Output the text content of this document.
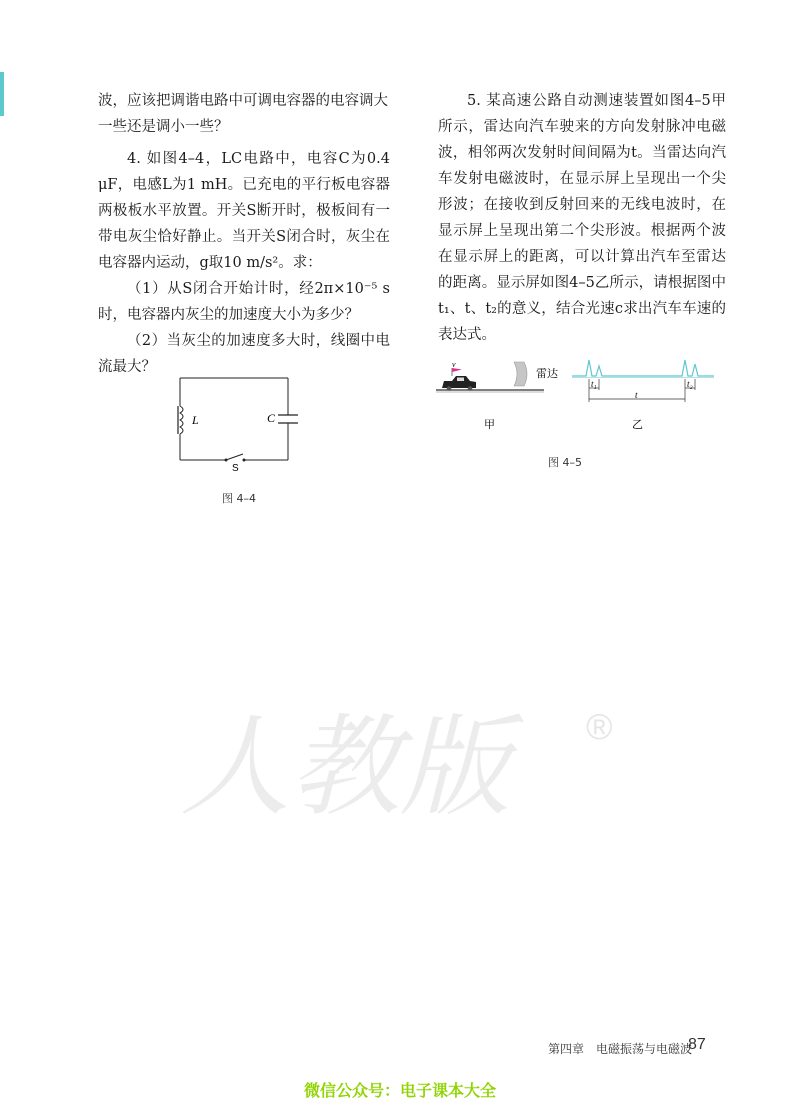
波，应该把调谐电路中可调电容器的电容调大

一些还是调小一些？

4. 如图4–4，LC电路中，电容C为0.4 μF，电感L为1 mH。已充电的平行板电容器两极板水平放置。开关S断开时，极板间有一带电灰尘恰好静止。当开关S闭合时，灰尘在电容器内运动，g取10 m/s²。求：

（1）从S闭合开始计时，经2π×10⁻⁵ s时，电容器内灰尘的加速度大小为多少？

（2）当灰尘的加速度多大时，线圈中电流最大？

L	C
S
图 4–4

5. 某高速公路自动测速装置如图4–5甲所示，雷达向汽车驶来的方向发射脉冲电磁波，相邻两次发射时间间隔为t。当雷达向汽车发射电磁波时，在显示屏上呈现出一个尖形波；在接收到反射回来的无线电波时，在显示屏上呈现出第二个尖形波。根据两个波在显示屏上的距离，可以计算出汽车至雷达的距离。显示屏如图4–5乙所示，请根据图中t₁、t、t₂的意义，结合光速c求出汽车车速的表达式。

v
雷达
t₁
t
t₂
甲	乙
图 4–5
人教版	®
第四章　电磁振荡与电磁波
87
微信公众号：电子课本大全
